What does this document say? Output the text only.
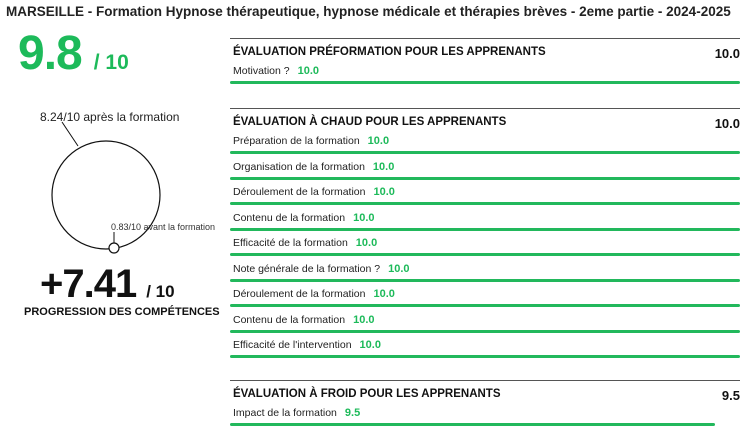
MARSEILLE - Formation Hypnose thérapeutique, hypnose médicale et thérapies brèves - 2eme partie - 2024-2025
9.8 / 10
8.24/10 après la formation
0.83/10 avant la formation
+7.41 / 10
PROGRESSION DES COMPÉTENCES
ÉVALUATION PRÉFORMATION POUR LES APPRENANTS	10.0
Motivation ? 10.0
ÉVALUATION À CHAUD POUR LES APPRENANTS	10.0
Préparation de la formation 10.0
Organisation de la formation 10.0
Déroulement de la formation 10.0
Contenu de la formation 10.0
Efficacité de la formation 10.0
Note générale de la formation ? 10.0
Déroulement de la formation 10.0
Contenu de la formation 10.0
Efficacité de l'intervention 10.0
ÉVALUATION À FROID POUR LES APPRENANTS	9.5
Impact de la formation 9.5
